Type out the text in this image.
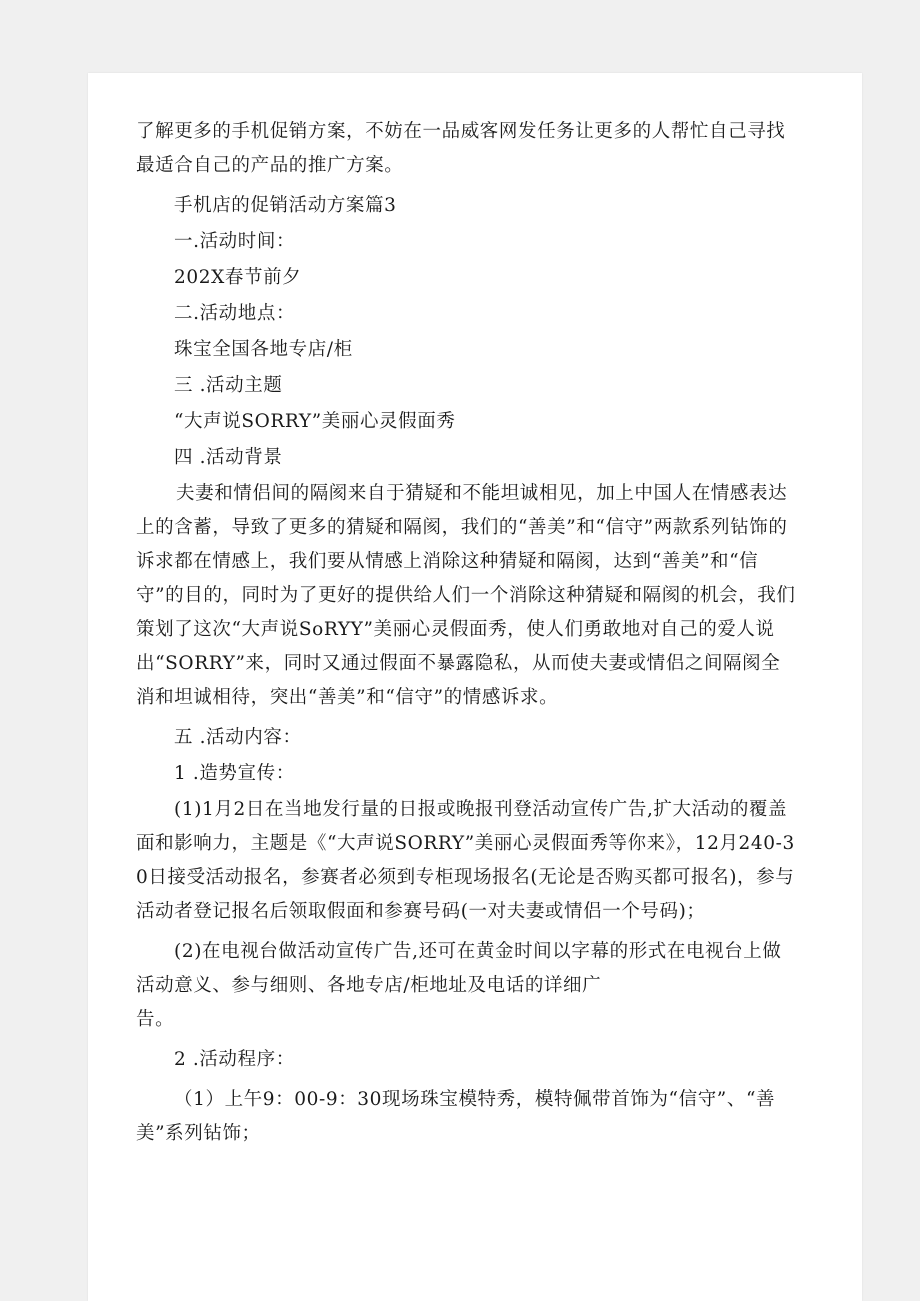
了解更多的手机促销方案，不妨在一品威客网发任务让更多的人帮忙自己寻找最适合自己的产品的推广方案。

手机店的促销活动方案篇3

一.活动时间：

202X春节前夕

二.活动地点：

珠宝全国各地专店/柜

三 .活动主题

“大声说SORRY”美丽心灵假面秀

四 .活动背景

夫妻和情侣间的隔阂来自于猜疑和不能坦诚相见，加上中国人在情感表达上的含蓄，导致了更多的猜疑和隔阂，我们的“善美”和“信守”两款系列钻饰的诉求都在情感上，我们要从情感上消除这种猜疑和隔阂，达到“善美”和“信守”的目的，同时为了更好的提供给人们一个消除这种猜疑和隔阂的机会，我们策划了这次“大声说SoRYY”美丽心灵假面秀，使人们勇敢地对自己的爱人说出“SORRY”来，同时又通过假面不暴露隐私，从而使夫妻或情侣之间隔阂全消和坦诚相待，突出“善美”和“信守”的情感诉求。

五 .活动内容：

1 .造势宣传：

(1)1月2日在当地发行量的日报或晚报刊登活动宣传广告,扩大活动的覆盖面和影响力，主题是《“大声说SORRY”美丽心灵假面秀等你来》，12月240-30日接受活动报名，参赛者必须到专柜现场报名(无论是否购买都可报名)，参与活动者登记报名后领取假面和参赛号码(一对夫妻或情侣一个号码)；

(2)在电视台做活动宣传广告,还可在黄金时间以字幕的形式在电视台上做活动意义、参与细则、各地专店/柜地址及电话的详细广

告。

2 .活动程序：

（1）上午9：00-9：30现场珠宝模特秀，模特佩带首饰为“信守”、“善美”系列钻饰；
